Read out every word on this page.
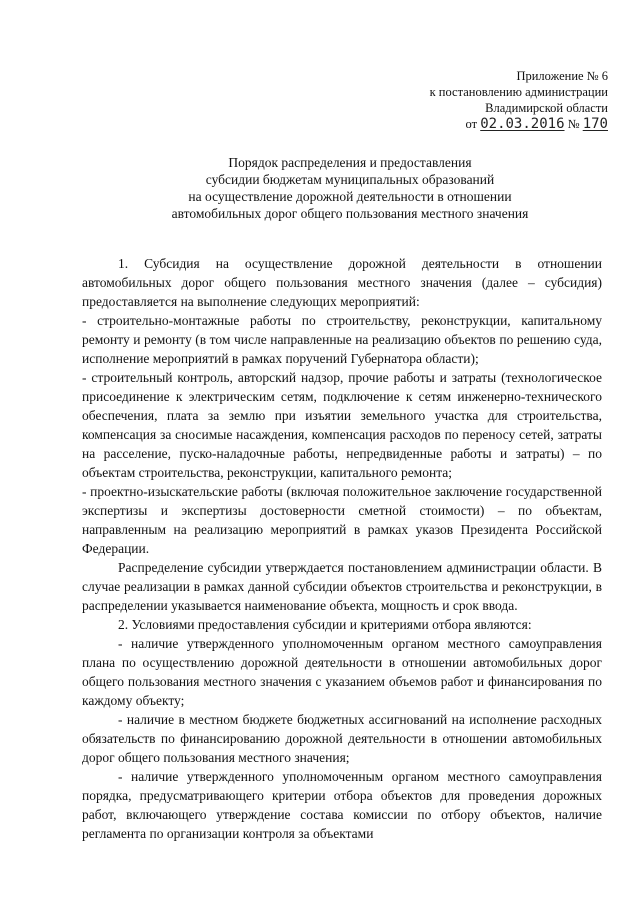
Приложение № 6
к постановлению администрации
Владимирской области
от 02.03.2016 № 170
Порядок распределения и предоставления
субсидии бюджетам муниципальных образований
на осуществление дорожной деятельности в отношении
автомобильных дорог общего пользования местного значения

1. Субсидия на осуществление дорожной деятельности в отношении автомобильных дорог общего пользования местного значения (далее – субсидия) предоставляется на выполнение следующих мероприятий:

- строительно-монтажные работы по строительству, реконструкции, капитальному ремонту и ремонту (в том числе направленные на реализацию объектов по решению суда, исполнение мероприятий в рамках поручений Губернатора области);

- строительный контроль, авторский надзор, прочие работы и затраты (технологическое присоединение к электрическим сетям, подключение к сетям инженерно-технического обеспечения, плата за землю при изъятии земельного участка для строительства, компенсация за сносимые насаждения, компенсация расходов по переносу сетей, затраты на расселение, пуско-наладочные работы, непредвиденные работы и затраты) – по объектам строительства, реконструкции, капитального ремонта;

- проектно-изыскательские работы (включая положительное заключение государственной экспертизы и экспертизы достоверности сметной стоимости) – по объектам, направленным на реализацию мероприятий в рамках указов Президента Российской Федерации.

Распределение субсидии утверждается постановлением администрации области. В случае реализации в рамках данной субсидии объектов строительства и реконструкции, в распределении указывается наименование объекта, мощность и срок ввода.

2. Условиями предоставления субсидии и критериями отбора являются:

- наличие утвержденного уполномоченным органом местного самоуправления плана по осуществлению дорожной деятельности в отношении автомобильных дорог общего пользования местного значения с указанием объемов работ и финансирования по каждому объекту;

- наличие в местном бюджете бюджетных ассигнований на исполнение расходных обязательств по финансированию дорожной деятельности в отношении автомобильных дорог общего пользования местного значения;

- наличие утвержденного уполномоченным органом местного самоуправления порядка, предусматривающего критерии отбора объектов для проведения дорожных работ, включающего утверждение состава комиссии по отбору объектов, наличие регламента по организации контроля за объектами
